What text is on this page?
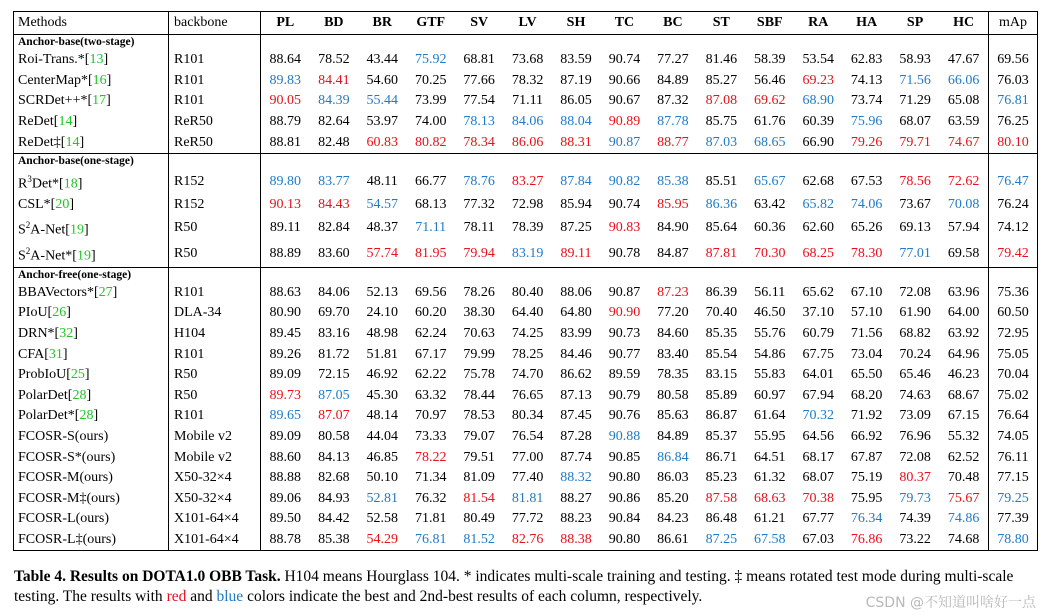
Methods	backbone	PL	BD	BR	GTF	SV	LV	SH	TC	BC	ST	SBF	RA	HA	SP	HC	mAp
Anchor-base(two-stage)																	
Roi-Trans.*[13]	R101	88.64	78.52	43.44	75.92	68.81	73.68	83.59	90.74	77.27	81.46	58.39	53.54	62.83	58.93	47.67	69.56
CenterMap*[16]	R101	89.83	84.41	54.60	70.25	77.66	78.32	87.19	90.66	84.89	85.27	56.46	69.23	74.13	71.56	66.06	76.03
SCRDet++*[17]	R101	90.05	84.39	55.44	73.99	77.54	71.11	86.05	90.67	87.32	87.08	69.62	68.90	73.74	71.29	65.08	76.81
ReDet[14]	ReR50	88.79	82.64	53.97	74.00	78.13	84.06	88.04	90.89	87.78	85.75	61.76	60.39	75.96	68.07	63.59	76.25
ReDet‡[14]	ReR50	88.81	82.48	60.83	80.82	78.34	86.06	88.31	90.87	88.77	87.03	68.65	66.90	79.26	79.71	74.67	80.10
Anchor-base(one-stage)																	
$R^3Det*[18]$	R152	89.80	83.77	48.11	66.77	78.76	83.27	87.84	90.82	85.38	85.51	65.67	62.68	67.53	78.56	72.62	76.47
CSL*[20]	R152	90.13	84.43	54.57	68.13	77.32	72.98	85.94	90.74	85.95	86.36	63.42	65.82	74.06	73.67	70.08	76.24
$S^2A-Net[19]$	R50	89.11	82.84	48.37	71.11	78.11	78.39	87.25	90.83	84.90	85.64	60.36	62.60	65.26	69.13	57.94	74.12
$S^2A-Net*[19]$	R50	88.89	83.60	57.74	81.95	79.94	83.19	89.11	90.78	84.87	87.81	70.30	68.25	78.30	77.01	69.58	79.42
Anchor-free(one-stage)																	
BBAVectors*[27]	R101	88.63	84.06	52.13	69.56	78.26	80.40	88.06	90.87	87.23	86.39	56.11	65.62	67.10	72.08	63.96	75.36
PIoU[26]	DLA-34	80.90	69.70	24.10	60.20	38.30	64.40	64.80	90.90	77.20	70.40	46.50	37.10	57.10	61.90	64.00	60.50
DRN*[32]	H104	89.45	83.16	48.98	62.24	70.63	74.25	83.99	90.73	84.60	85.35	55.76	60.79	71.56	68.82	63.92	72.95
CFA[31]	R101	89.26	81.72	51.81	67.17	79.99	78.25	84.46	90.77	83.40	85.54	54.86	67.75	73.04	70.24	64.96	75.05
ProbIoU[25]	R50	89.09	72.15	46.92	62.22	75.78	74.70	86.62	89.59	78.35	83.15	55.83	64.01	65.50	65.46	46.23	70.04
PolarDet[28]	R50	89.73	87.05	45.30	63.32	78.44	76.65	87.13	90.79	80.58	85.89	60.97	67.94	68.20	74.63	68.67	75.02
PolarDet*[28]	R101	89.65	87.07	48.14	70.97	78.53	80.34	87.45	90.76	85.63	86.87	61.64	70.32	71.92	73.09	67.15	76.64
FCOSR-S(ours)	Mobile v2	89.09	80.58	44.04	73.33	79.07	76.54	87.28	90.88	84.89	85.37	55.95	64.56	66.92	76.96	55.32	74.05
FCOSR-S*(ours)	Mobile v2	88.60	84.13	46.85	78.22	79.51	77.00	87.74	90.85	86.84	86.71	64.51	68.17	67.87	72.08	62.52	76.11
FCOSR-M(ours)	X50-32×4	88.88	82.68	50.10	71.34	81.09	77.40	88.32	90.80	86.03	85.23	61.32	68.07	75.19	80.37	70.48	77.15
FCOSR-M‡(ours)	X50-32×4	89.06	84.93	52.81	76.32	81.54	81.81	88.27	90.86	85.20	87.58	68.63	70.38	75.95	79.73	75.67	79.25
FCOSR-L(ours)	X101-64×4	89.50	84.42	52.58	71.81	80.49	77.72	88.23	90.84	84.23	86.48	61.21	67.77	76.34	74.39	74.86	77.39
FCOSR-L‡(ours)	X101-64×4	88.78	85.38	54.29	76.81	81.52	82.76	88.38	90.80	86.61	87.25	67.58	67.03	76.86	73.22	74.68	78.80
Table 4. Results on DOTA1.0 OBB Task. H104 means Hourglass 104. * indicates multi-scale training and testing. ‡ means rotated test mode during multi-scale testing. The results with red and blue colors indicate the best and 2nd-best results of each column, respectively.	CSDN @不知道叫啥好一点
